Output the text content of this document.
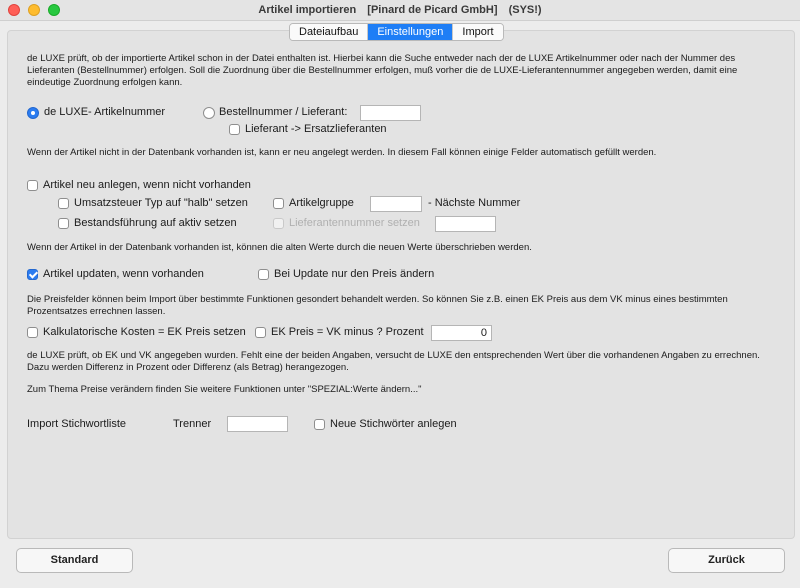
Artikel importieren [Pinard de Picard GmbH] (SYS!)
Dateiaufbau	Einstellungen	Import
de LUXE prüft, ob der importierte Artikel schon in der Datei enthalten ist. Hierbei kann die Suche entweder nach der de LUXE Artikelnummer oder nach der Nummer des Lieferanten (Bestellnummer) erfolgen. Soll die Zuordnung über die Bestellnummer erfolgen, muß vorher die de LUXE-Lieferantennummer angegeben werden, damit eine eindeutige Zuordnung erfolgen kann.
de LUXE- Artikelnummer	Bestellnummer / Lieferant:
Lieferant -> Ersatzlieferanten
Wenn der Artikel nicht in der Datenbank vorhanden ist, kann er neu angelegt werden. In diesem Fall können einige Felder automatisch gefüllt werden.
Artikel neu anlegen, wenn nicht vorhanden
Umsatzsteuer Typ auf "halb" setzen	Artikelgruppe	- Nächste Nummer
Bestandsführung auf aktiv setzen	Lieferantennummer setzen
Wenn der Artikel in der Datenbank vorhanden ist, können die alten Werte durch die neuen Werte überschrieben werden.
Artikel updaten, wenn vorhanden	Bei Update nur den Preis ändern
Die Preisfelder können beim Import über bestimmte Funktionen gesondert behandelt werden. So können Sie z.B. einen EK Preis aus dem VK minus eines bestimmten Prozentsatzes errechnen lassen.
Kalkulatorische Kosten = EK Preis setzen EK Preis = VK minus ? Prozent	0
de LUXE prüft, ob EK und VK angegeben wurden. Fehlt eine der beiden Angaben, versucht de LUXE den entsprechenden Wert über die vorhandenen Angaben zu errechnen. Dazu werden Differenz in Prozent oder Differenz (als Betrag) herangezogen.
Zum Thema Preise verändern finden Sie weitere Funktionen unter "SPEZIAL:Werte ändern..."
Import Stichwortliste	Trenner	Neue Stichwörter anlegen
Standard	Zurück
